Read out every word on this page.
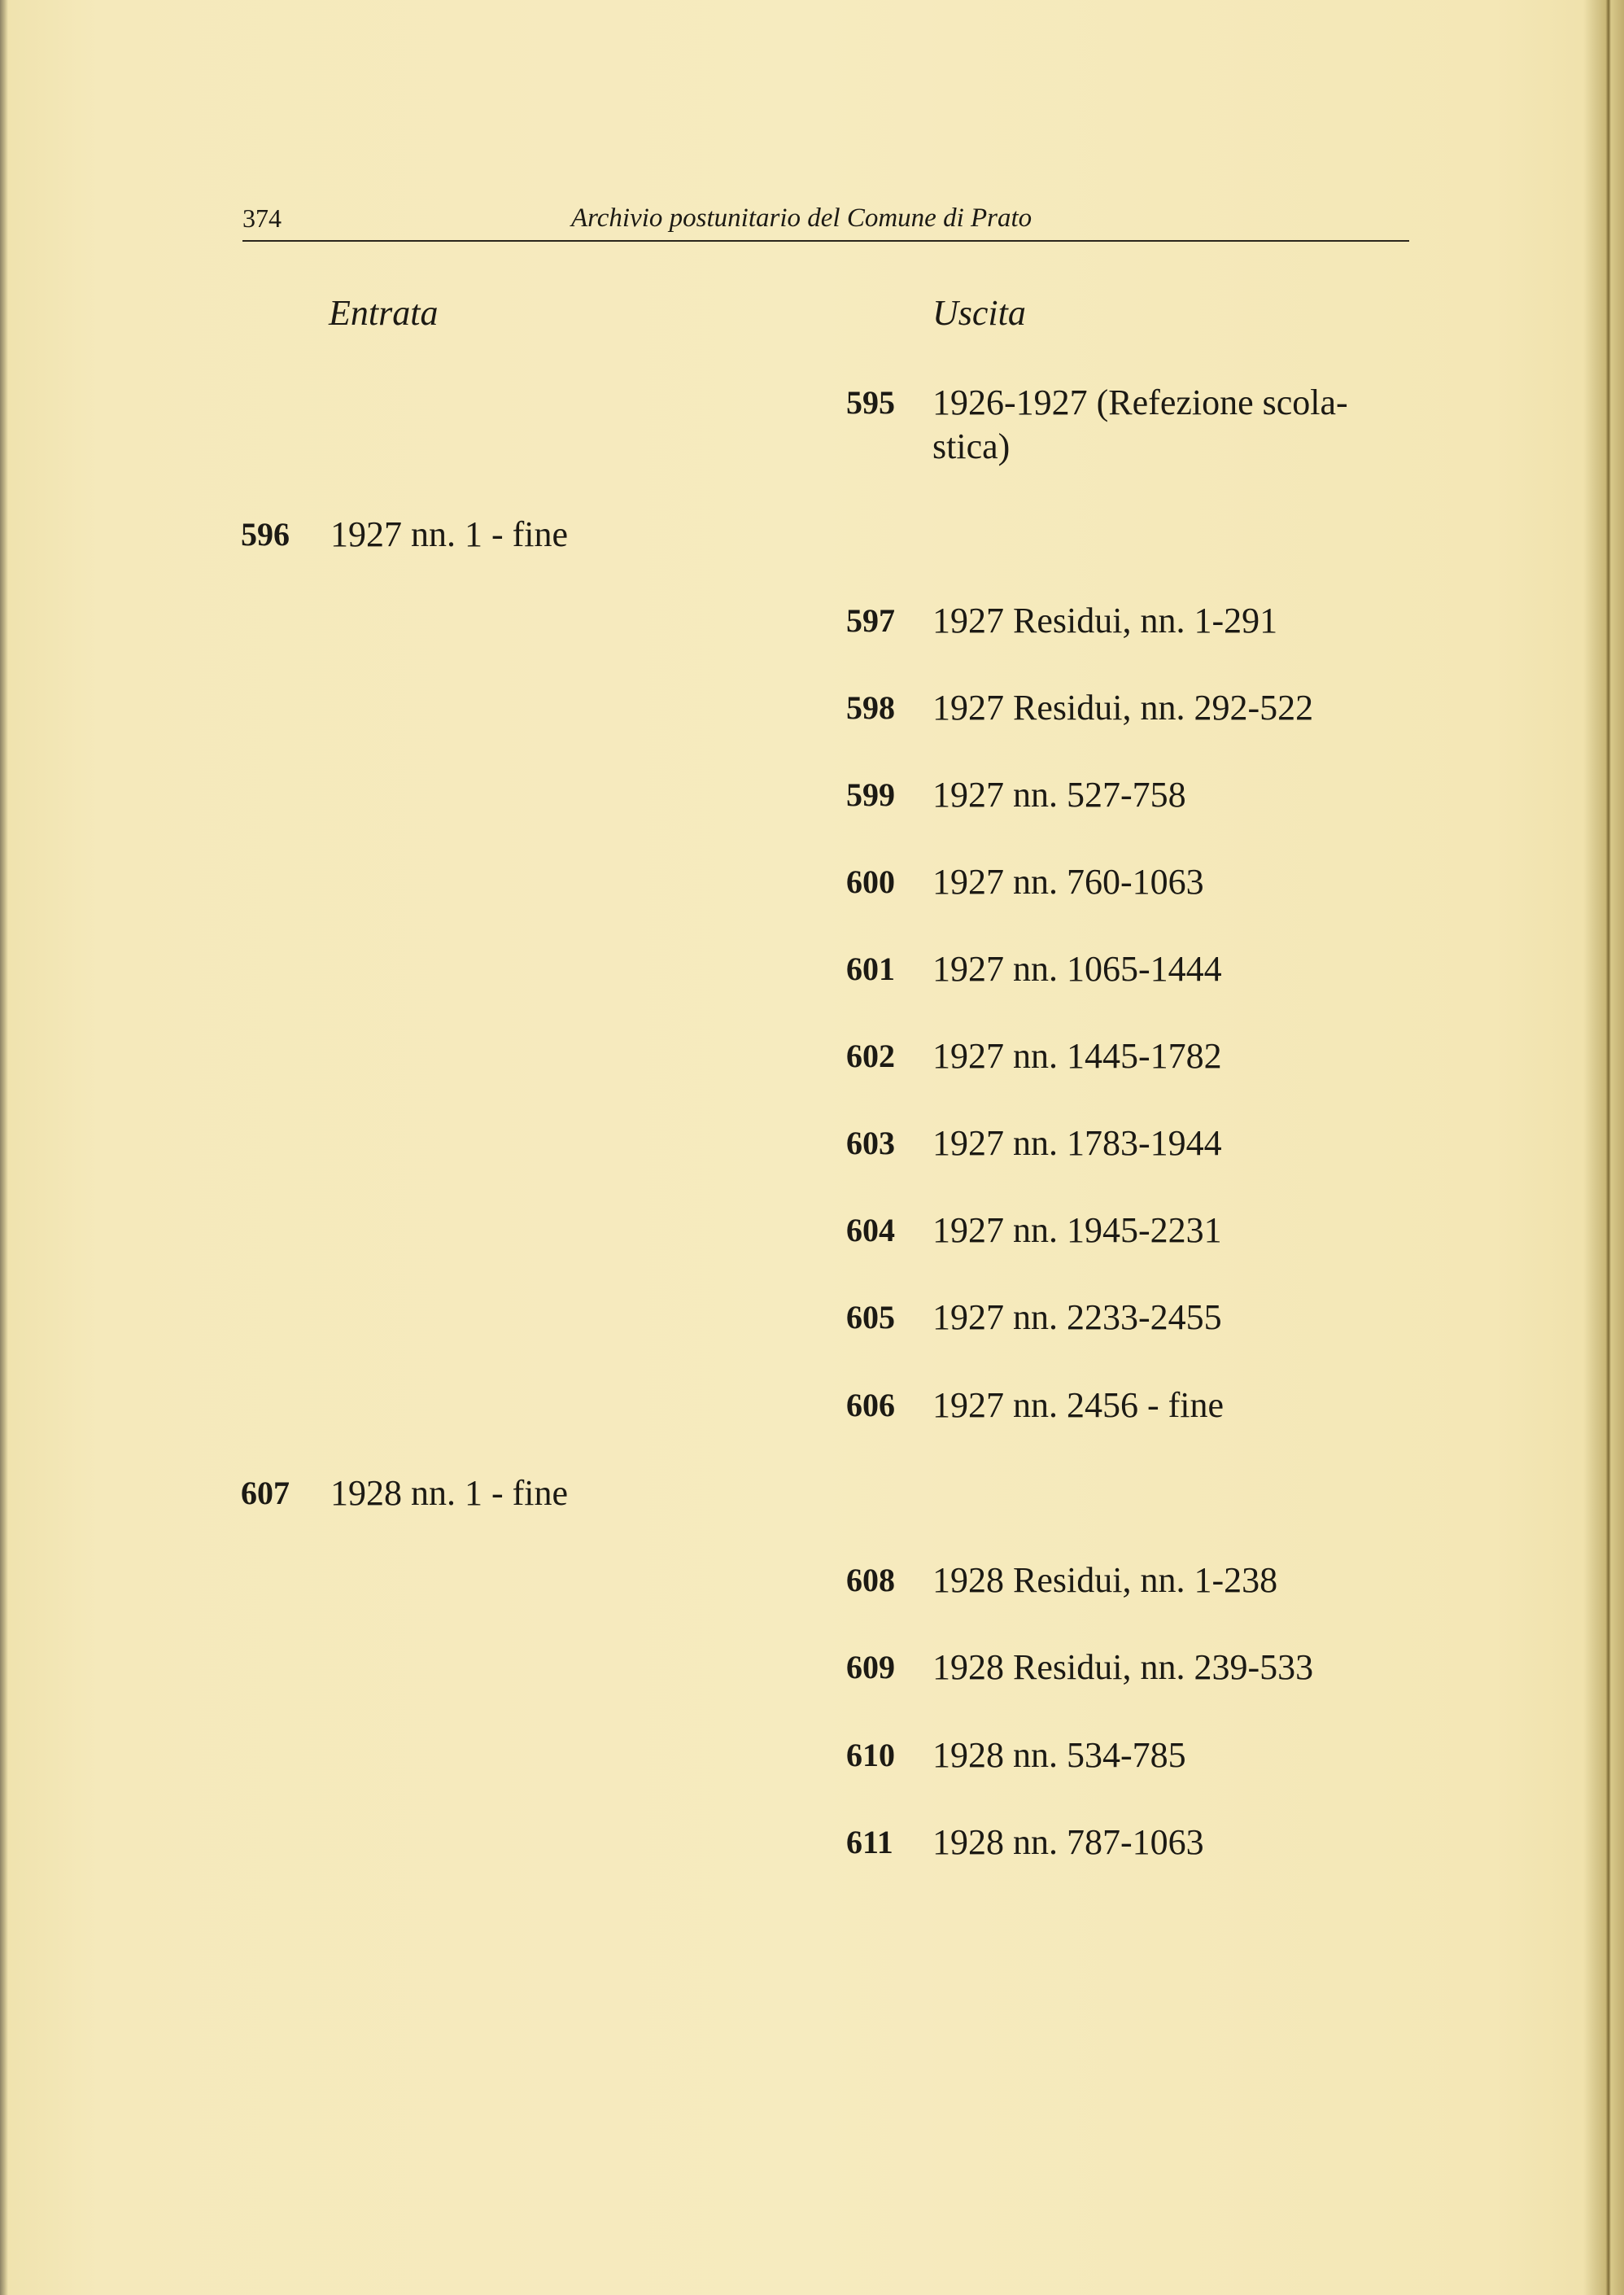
374	Archivio postunitario del Comune di Prato
Entrata	Uscita
596 1927 nn. 1 - fine
607 1928 nn. 1 - fine
595 1926-1927 (Refezione scola-
stica)
597 1927 Residui, nn. 1-291
598 1927 Residui, nn. 292-522
599 1927 nn. 527-758
600 1927 nn. 760-1063
601 1927 nn. 1065-1444
602 1927 nn. 1445-1782
603 1927 nn. 1783-1944
604 1927 nn. 1945-2231
605 1927 nn. 2233-2455
606 1927 nn. 2456 - fine
608 1928 Residui, nn. 1-238
609 1928 Residui, nn. 239-533
610 1928 nn. 534-785
611 1928 nn. 787-1063
